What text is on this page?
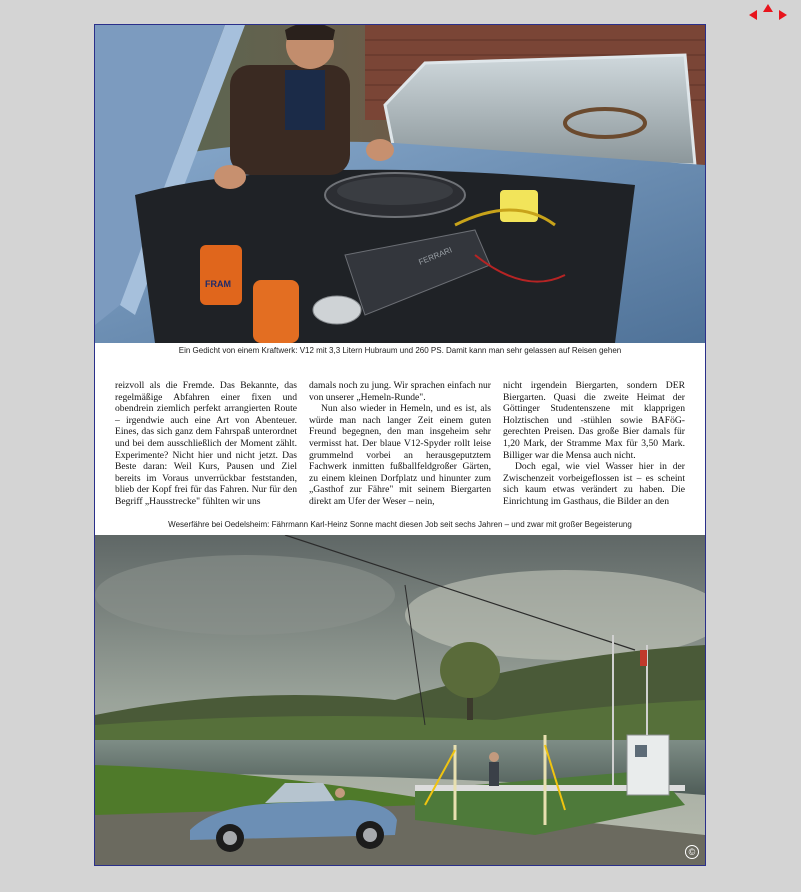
FERRARI
FRAM
Ein Gedicht von einem Kraftwerk: V12 mit 3,3 Litern Hubraum und 260 PS. Damit kann man sehr gelassen auf Reisen gehen

reizvoll als die Fremde. Das Bekannte, das regelmäßige Abfahren einer fixen und obendrein ziemlich perfekt arrangierten Route – irgendwie auch eine Art von Abenteuer. Eines, das sich ganz dem Fahrspaß unterordnet und bei dem ausschließlich der Moment zählt. Experimente? Nicht hier und nicht jetzt. Das Beste daran: Weil Kurs, Pausen und Ziel bereits im Voraus unverrückbar feststanden, blieb der Kopf frei für das Fahren. Nur für den Begriff „Hausstrecke" fühlten wir uns

damals noch zu jung. Wir sprachen einfach nur von unserer „Hemeln-Runde".

Nun also wieder in Hemeln, und es ist, als würde man nach langer Zeit einem guten Freund begegnen, den man insgeheim sehr vermisst hat. Der blaue V12-Spyder rollt leise grummelnd vorbei an herausgeputztem Fachwerk inmitten fußballfeldgroßer Gärten, zu einem kleinen Dorfplatz und hinunter zum „Gasthof zur Fähre" mit seinem Biergarten direkt am Ufer der Weser – nein,

nicht irgendein Biergarten, sondern DER Biergarten. Quasi die zweite Heimat der Göttinger Studentenszene mit klapprigen Holztischen und -stühlen sowie BAFöG-gerechten Preisen. Das große Bier damals für 1,20 Mark, der Stramme Max für 3,50 Mark. Billiger war die Mensa auch nicht.

Doch egal, wie viel Wasser hier in der Zwischenzeit vorbeigeflossen ist – es scheint sich kaum etwas verändert zu haben. Die Einrichtung im Gasthaus, die Bilder an den

Weserfähre bei Oedelsheim: Fährmann Karl-Heinz Sonne macht diesen Job seit sechs Jahren – und zwar mit großer Begeisterung
©
